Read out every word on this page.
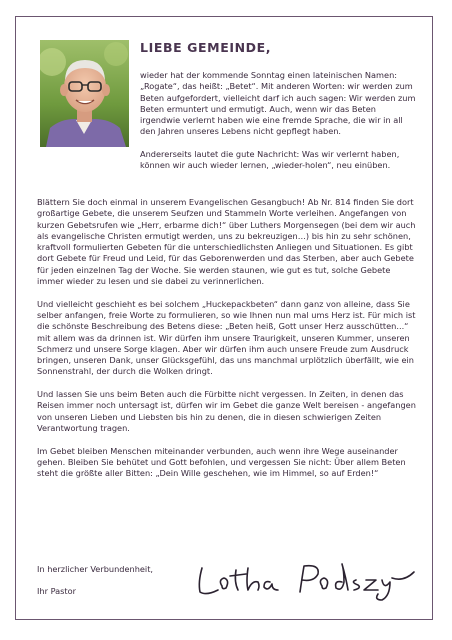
LIEBE GEMEINDE,

wieder hat der kommende Sonntag einen lateinischen Namen: „Rogate“, das heißt: „Betet“. Mit anderen Worten: wir werden zum Beten aufgefordert, vielleicht darf ich auch sagen: Wir werden zum Beten ermuntert und ermutigt. Auch, wenn wir das Beten irgendwie verlernt haben wie eine fremde Sprache, die wir in all den Jahren unseres Lebens nicht gepflegt haben.

Andererseits lautet die gute Nachricht: Was wir verlernt haben, können wir auch wieder lernen, „wieder-holen“, neu einüben.

Blättern Sie doch einmal in unserem Evangelischen Gesangbuch! Ab Nr. 814 finden Sie dort großartige Gebete, die unserem Seufzen und Stammeln Worte verleihen. Angefangen von kurzen Gebetsrufen wie „Herr, erbarme dich!“ über Luthers Morgensegen (bei dem wir auch als evangelische Christen ermutigt werden, uns zu bekreuzigen…) bis hin zu sehr schönen, kraftvoll formulierten Gebeten für die unterschiedlichsten Anliegen und Situationen. Es gibt dort Gebete für Freud und Leid, für das Geborenwerden und das Sterben, aber auch Gebete für jeden einzelnen Tag der Woche. Sie werden staunen, wie gut es tut, solche Gebete immer wieder zu lesen und sie dabei zu verinnerlichen.

Und vielleicht geschieht es bei solchem „Huckepackbeten“ dann ganz von alleine, dass Sie selber anfangen, freie Worte zu formulieren, so wie Ihnen nun mal ums Herz ist. Für mich ist die schönste Beschreibung des Betens diese: „Beten heiß, Gott unser Herz ausschütten...“ mit allem was da drinnen ist. Wir dürfen ihm unsere Traurigkeit, unseren Kummer, unseren Schmerz und unsere Sorge klagen. Aber wir dürfen ihm auch unsere Freude zum Ausdruck bringen, unseren Dank, unser Glücksgefühl, das uns manchmal urplötzlich überfällt, wie ein Sonnenstrahl, der durch die Wolken dringt.

Und lassen Sie uns beim Beten auch die Fürbitte nicht vergessen. In Zeiten, in denen das Reisen immer noch untersagt ist, dürfen wir im Gebet die ganze Welt bereisen - angefangen von unseren Lieben und Liebsten bis hin zu denen, die in diesen schwierigen Zeiten Verantwortung tragen.

Im Gebet bleiben Menschen miteinander verbunden, auch wenn ihre Wege auseinander gehen. Bleiben Sie behütet und Gott befohlen, und vergessen Sie nicht: Über allem Beten steht die größte aller Bitten: „Dein Wille geschehen, wie im Himmel, so auf Erden!“

In herzlicher Verbundenheit,
Ihr Pastor
